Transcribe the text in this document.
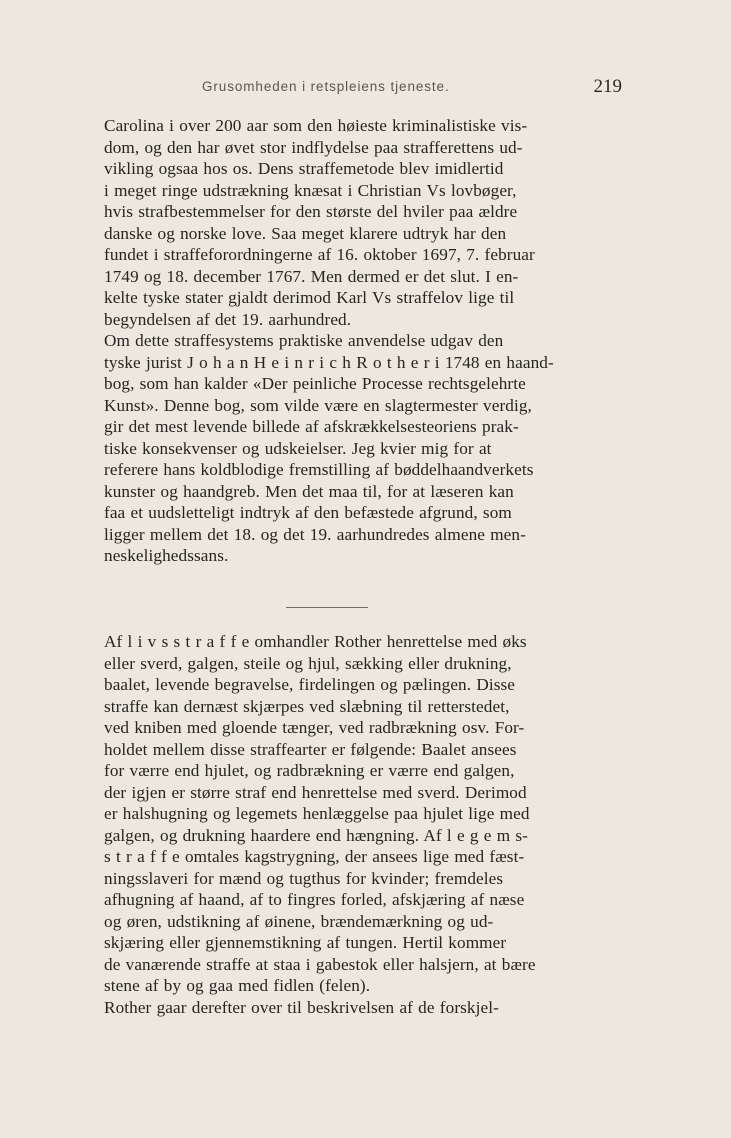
Grusomheden i retspleiens tjeneste.	219
Carolina i over 200 aar som den høieste kriminalistiske vis-
dom, og den har øvet stor indflydelse paa strafferettens ud-
vikling ogsaa hos os. Dens straffemetode blev imidlertid
i meget ringe udstrækning knæsat i Christian Vs lovbøger,
hvis strafbestemmelser for den største del hviler paa ældre
danske og norske love. Saa meget klarere udtryk har den
fundet i straffeforordningerne af 16. oktober 1697, 7. februar
1749 og 18. december 1767. Men dermed er det slut. I en-
kelte tyske stater gjaldt derimod Karl Vs straffelov lige til
begyndelsen af det 19. aarhundred.
Om dette straffesystems praktiske anvendelse udgav den
tyske jurist J o h a n H e i n r i c h R o t h e r i 1748 en haand-
bog, som han kalder «Der peinliche Processe rechtsgelehrte
Kunst». Denne bog, som vilde være en slagtermester verdig,
gir det mest levende billede af afskrækkelsesteoriens prak-
tiske konsekvenser og udskeielser. Jeg kvier mig for at
referere hans koldblodige fremstilling af bøddelhaandverkets
kunster og haandgreb. Men det maa til, for at læseren kan
faa et uudsletteligt indtryk af den befæstede afgrund, som
ligger mellem det 18. og det 19. aarhundredes almene men-
neskelighedssans.
Af l i v s s t r a f f e omhandler Rother henrettelse med øks
eller sverd, galgen, steile og hjul, sækking eller drukning,
baalet, levende begravelse, firdelingen og pælingen. Disse
straffe kan dernæst skjærpes ved slæbning til retterstedet,
ved kniben med gloende tænger, ved radbrækning osv. For-
holdet mellem disse straffearter er følgende: Baalet ansees
for værre end hjulet, og radbrækning er værre end galgen,
der igjen er større straf end henrettelse med sverd. Derimod
er halshugning og legemets henlæggelse paa hjulet lige med
galgen, og drukning haardere end hængning. Af l e g e m s-
s t r a f f e omtales kagstrygning, der ansees lige med fæst-
ningsslaveri for mænd og tugthus for kvinder; fremdeles
afhugning af haand, af to fingres forled, afskjæring af næse
og øren, udstikning af øinene, brændemærkning og ud-
skjæring eller gjennemstikning af tungen. Hertil kommer
de vanærende straffe at staa i gabestok eller halsjern, at bære
stene af by og gaa med fidlen (felen).
Rother gaar derefter over til beskrivelsen af de forskjel-
